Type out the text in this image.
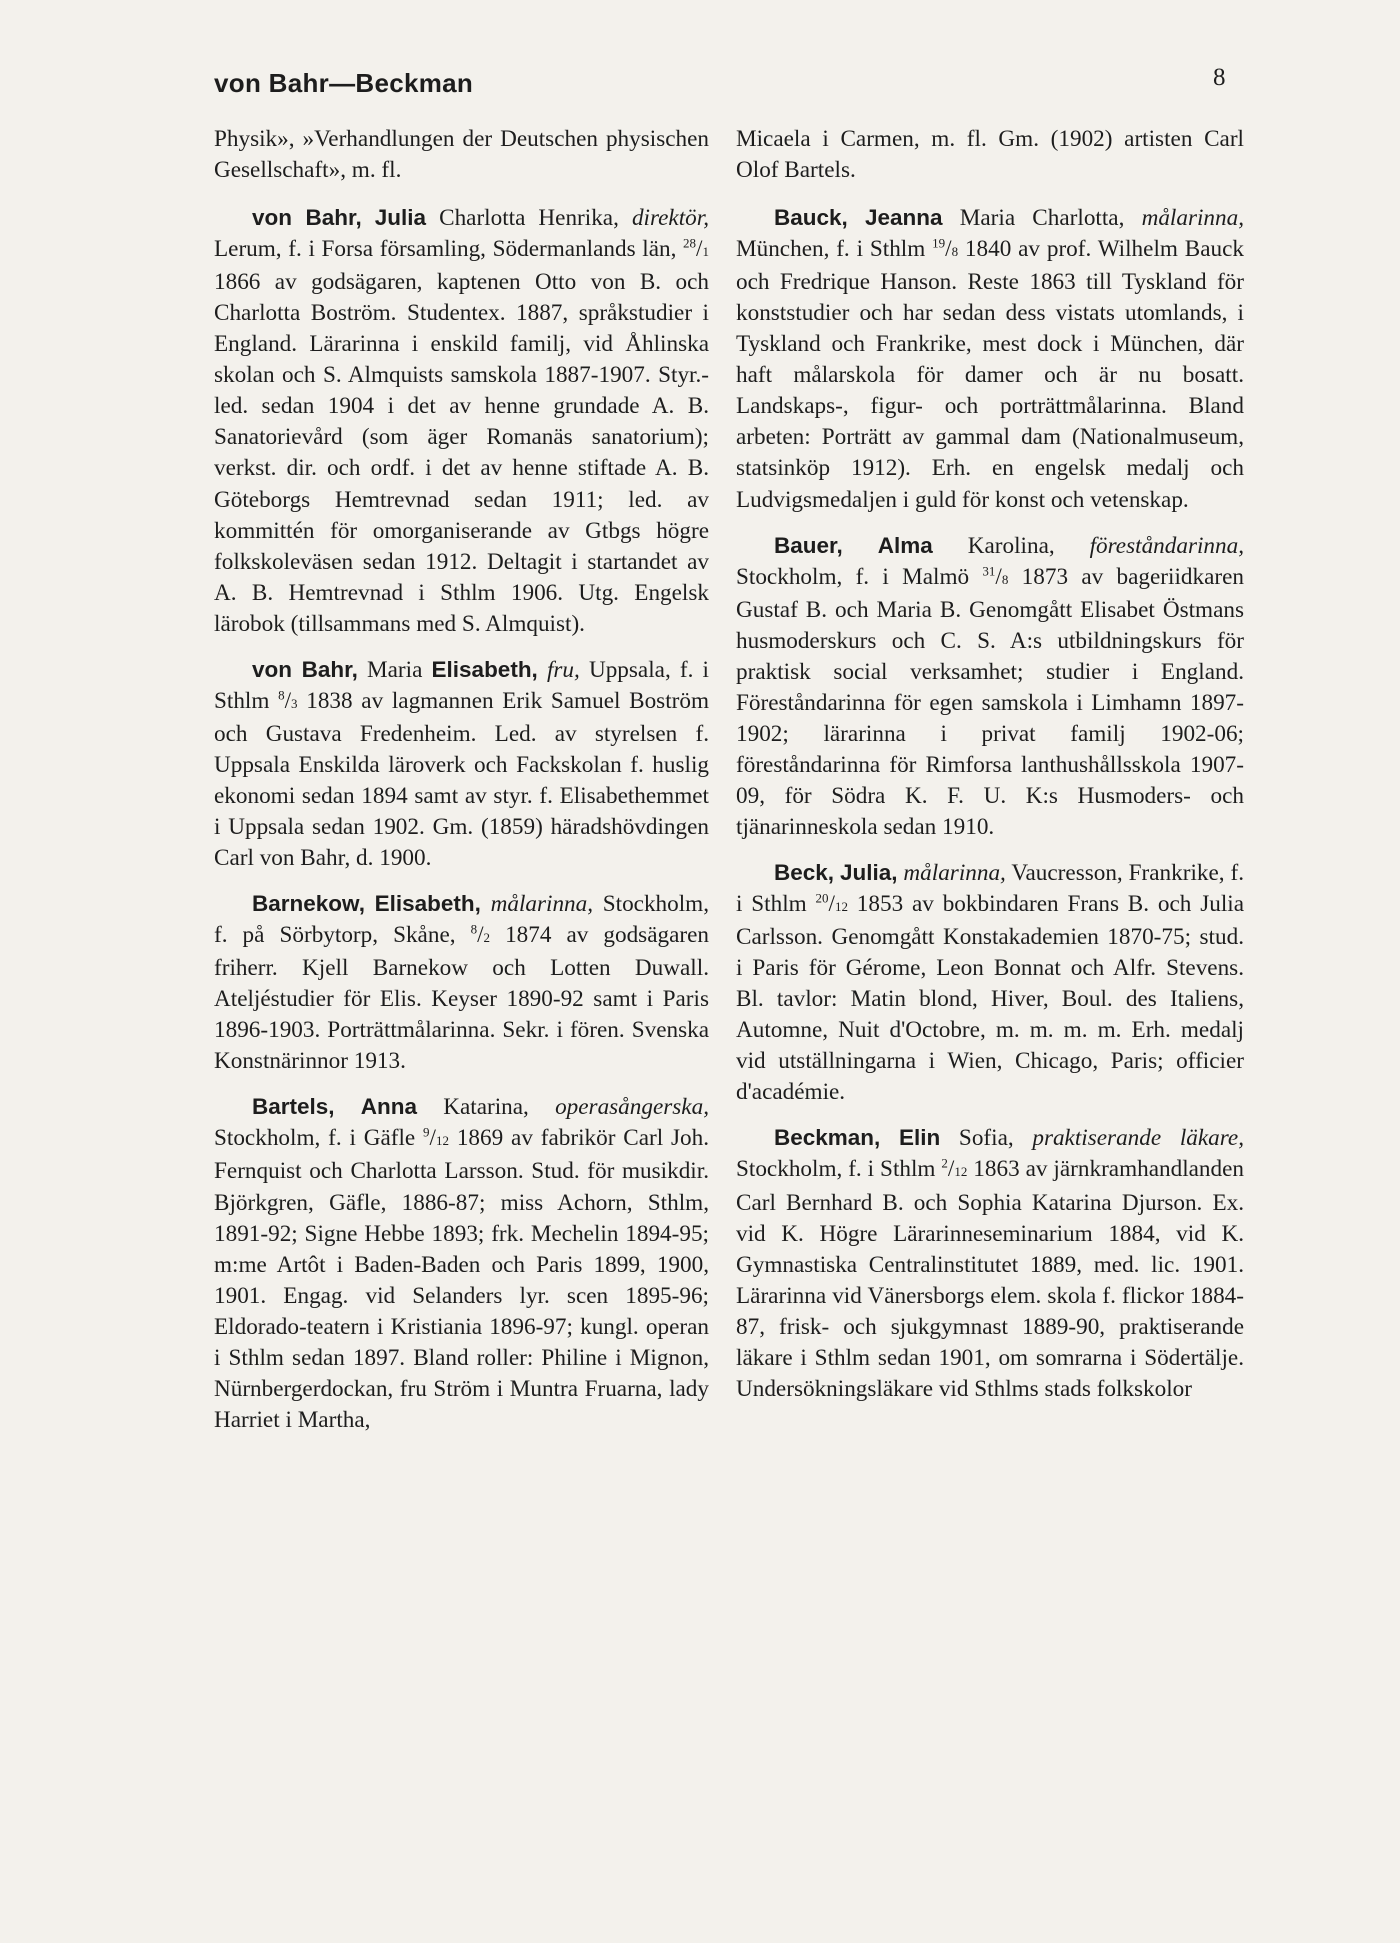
von Bahr—Beckman	8

Physik», »Verhandlungen der Deutschen physischen Gesellschaft», m. fl.

von Bahr, Julia Charlotta Henrika, direktör, Lerum, f. i Forsa församling, Södermanlands län, $^{28}$/1 1866 av godsägaren, kaptenen Otto von B. och Charlotta Boström. Studentex. 1887, språkstudier i England. Lärarinna i enskild familj, vid Åhlinska skolan och S. Almquists samskola 1887-1907. Styr.-led. sedan 1904 i det av henne grundade A. B. Sanatorievård (som äger Romanäs sanatorium); verkst. dir. och ordf. i det av henne stiftade A. B. Göteborgs Hemtrevnad sedan 1911; led. av kommittén för omorganiserande av Gtbgs högre folkskoleväsen sedan 1912. Deltagit i startandet av A. B. Hemtrevnad i Sthlm 1906. Utg. Engelsk lärobok (tillsammans med S. Almquist).

von Bahr, Maria Elisabeth, fru, Uppsala, f. i Sthlm $^8$/3 1838 av lagmannen Erik Samuel Boström och Gustava Fredenheim. Led. av styrelsen f. Uppsala Enskilda läroverk och Fackskolan f. huslig ekonomi sedan 1894 samt av styr. f. Elisabethemmet i Uppsala sedan 1902. Gm. (1859) häradshövdingen Carl von Bahr, d. 1900.

Barnekow, Elisabeth, målarinna, Stockholm, f. på Sörbytorp, Skåne, $^8$/2 1874 av godsägaren friherr. Kjell Barnekow och Lotten Duwall. Ateljéstudier för Elis. Keyser 1890-92 samt i Paris 1896-1903. Porträttmålarinna. Sekr. i fören. Svenska Konstnärinnor 1913.

Bartels, Anna Katarina, operasångerska, Stockholm, f. i Gäfle $^9$/12 1869 av fabrikör Carl Joh. Fernquist och Charlotta Larsson. Stud. för musikdir. Björkgren, Gäfle, 1886-87; miss Achorn, Sthlm, 1891-92; Signe Hebbe 1893; frk. Mechelin 1894-95; m:me Artôt i Baden-Baden och Paris 1899, 1900, 1901. Engag. vid Selanders lyr. scen 1895-96; Eldorado-teatern i Kristiania 1896-97; kungl. operan i Sthlm sedan 1897. Bland roller: Philine i Mignon, Nürnbergerdockan, fru Ström i Muntra Fruarna, lady Harriet i Martha,

Micaela i Carmen, m. fl. Gm. (1902) artisten Carl Olof Bartels.

Bauck, Jeanna Maria Charlotta, målarinna, München, f. i Sthlm $^{19}$/8 1840 av prof. Wilhelm Bauck och Fredrique Hanson. Reste 1863 till Tyskland för konststudier och har sedan dess vistats utomlands, i Tyskland och Frankrike, mest dock i München, där haft målarskola för damer och är nu bosatt. Landskaps-, figur- och porträttmålarinna. Bland arbeten: Porträtt av gammal dam (Nationalmuseum, statsinköp 1912). Erh. en engelsk medalj och Ludvigsmedaljen i guld för konst och vetenskap.

Bauer, Alma Karolina, föreståndarinna, Stockholm, f. i Malmö $^{31}$/8 1873 av bageriidkaren Gustaf B. och Maria B. Genomgått Elisabet Östmans husmoderskurs och C. S. A:s utbildningskurs för praktisk social verksamhet; studier i England. Föreståndarinna för egen samskola i Limhamn 1897-1902; lärarinna i privat familj 1902-06; föreståndarinna för Rimforsa lanthushållsskola 1907-09, för Södra K. F. U. K:s Husmoders- och tjänarinneskola sedan 1910.

Beck, Julia, målarinna, Vaucresson, Frankrike, f. i Sthlm $^{20}$/12 1853 av bokbindaren Frans B. och Julia Carlsson. Genomgått Konstakademien 1870-75; stud. i Paris för Gérome, Leon Bonnat och Alfr. Stevens. Bl. tavlor: Matin blond, Hiver, Boul. des Italiens, Automne, Nuit d'Octobre, m. m. m. m. Erh. medalj vid utställningarna i Wien, Chicago, Paris; officier d'académie.

Beckman, Elin Sofia, praktiserande läkare, Stockholm, f. i Sthlm $^2$/12 1863 av järnkramhandlanden Carl Bernhard B. och Sophia Katarina Djurson. Ex. vid K. Högre Lärarinneseminarium 1884, vid K. Gymnastiska Centralinstitutet 1889, med. lic. 1901. Lärarinna vid Vänersborgs elem. skola f. flickor 1884-87, frisk- och sjukgymnast 1889-90, praktiserande läkare i Sthlm sedan 1901, om somrarna i Södertälje. Undersökningsläkare vid Sthlms stads folkskolor
